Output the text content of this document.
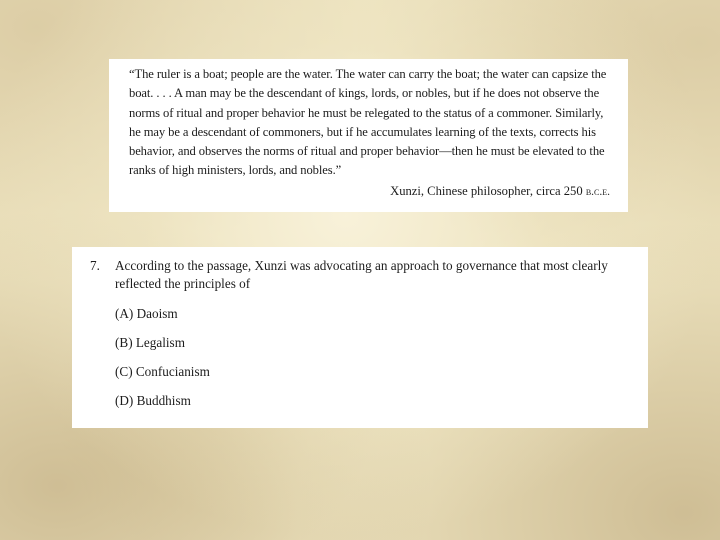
“The ruler is a boat; people are the water. The water can carry the boat; the water can capsize the boat. . . . A man may be the descendant of kings, lords, or nobles, but if he does not observe the norms of ritual and proper behavior he must be relegated to the status of a commoner. Similarly, he may be a descendant of commoners, but if he accumulates learning of the texts, corrects his behavior, and observes the norms of ritual and proper behavior—then he must be elevated to the ranks of high ministers, lords, and nobles.”

Xunzi, Chinese philosopher, circa 250 b.c.e.

7.	According to the passage, Xunzi was advocating an approach to governance that most clearly reflected the principles of
(A) Daoism
(B) Legalism
(C) Confucianism
(D) Buddhism
